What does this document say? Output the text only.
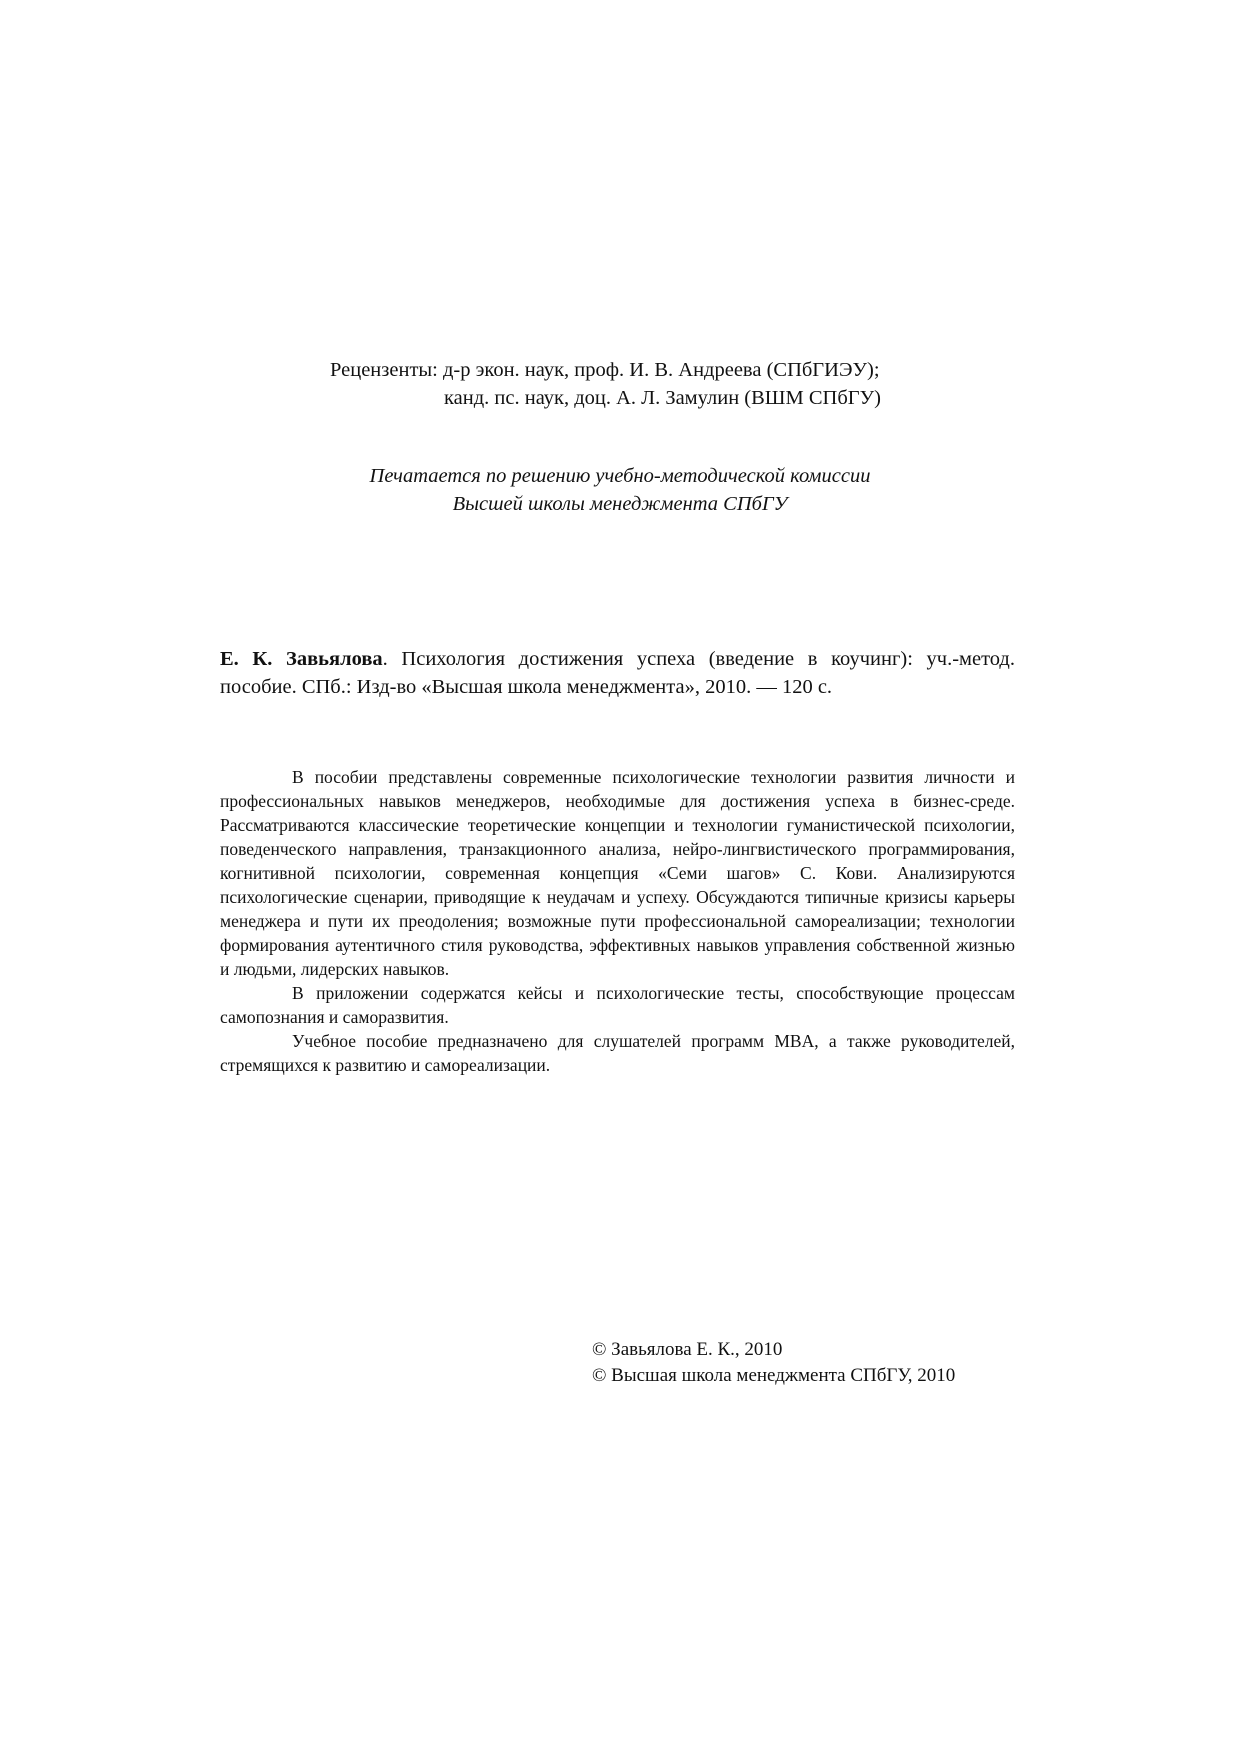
Рецензенты: д-р экон. наук, проф. И. В. Андреева (СПбГИЭУ);
канд. пс. наук, доц. А. Л. Замулин (ВШМ СПбГУ)
Печатается по решению учебно-методической комиссии
Высшей школы менеджмента СПбГУ
Е. К. Завьялова. Психология достижения успеха (введение в коучинг): уч.-метод. пособие. СПб.: Изд-во «Высшая школа менеджмента», 2010. — 120 с.

В пособии представлены современные психологические технологии развития личности и профессиональных навыков менеджеров, необходимые для достижения успеха в бизнес-среде. Рассматриваются классические теоретические концепции и технологии гуманистической психологии, поведенческого направления, транзакционного анализа, нейро-лингвистического программирования, когнитивной психологии, современная концепция «Семи шагов» С. Кови. Анализируются психологические сценарии, приводящие к неудачам и успеху. Обсуждаются типичные кризисы карьеры менеджера и пути их преодоления; возможные пути профессиональной самореализации; технологии формирования аутентичного стиля руководства, эффективных навыков управления собственной жизнью и людьми, лидерских навыков.

В приложении содержатся кейсы и психологические тесты, способствующие процессам самопознания и саморазвития.

Учебное пособие предназначено для слушателей программ MBA, а также руководителей, стремящихся к развитию и самореализации.

© Завьялова Е. К., 2010
© Высшая школа менеджмента СПбГУ, 2010
